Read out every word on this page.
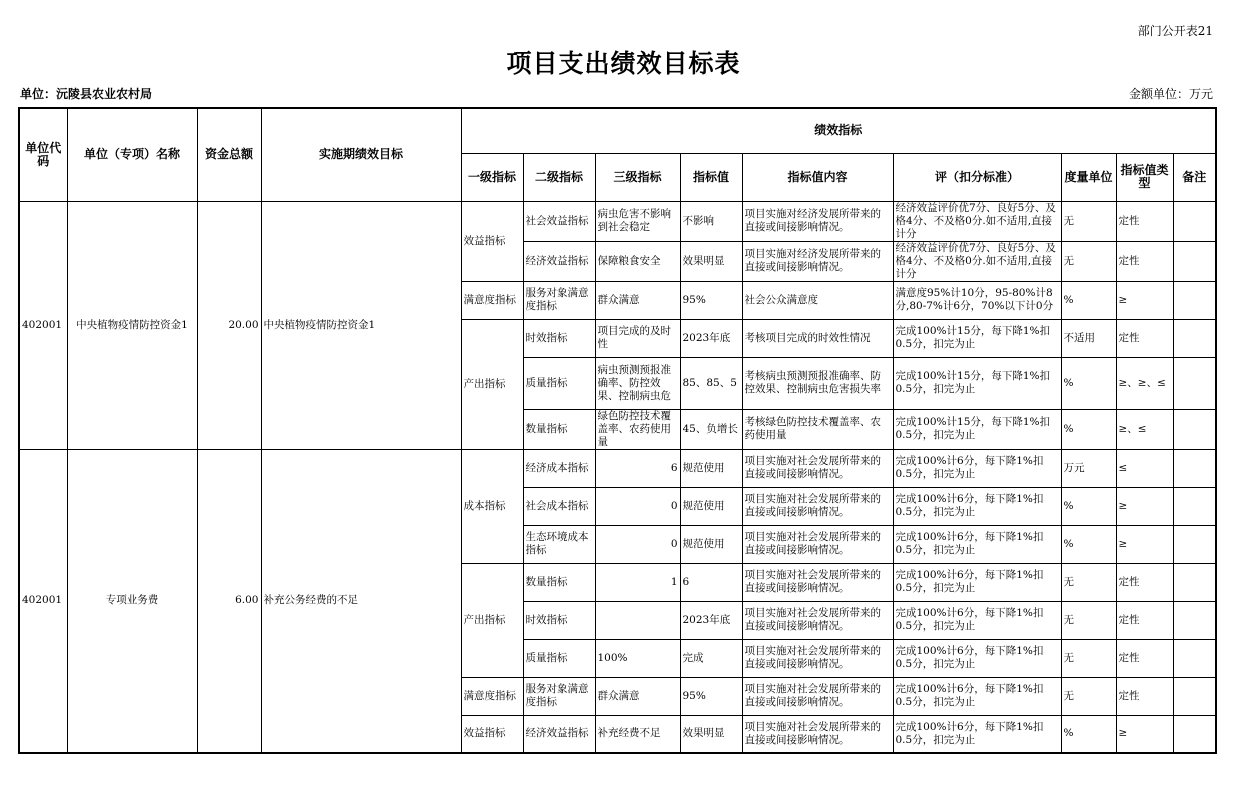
部门公开表21
项目支出绩效目标表
单位：沅陵县农业农村局	金额单位：万元
单位代码	单位（专项）名称	资金总额	实施期绩效目标	绩效指标								
				一级指标	二级指标	三级指标	指标值	指标值内容	评（扣分标准）	度量单位	指标值类型	备注

402001	中央植物疫情防控资金1	20.00	中央植物疫情防控资金1	效益指标	社会效益指标	病虫危害不影响到社会稳定	不影响	项目实施对经济发展所带来的直接或间接影响情况。	经济效益评价优7分、良好5分、及格4分、不及格0分.如不适用,直接计分	无	定性	

					经济效益指标	保障粮食安全	效果明显	项目实施对经济发展所带来的直接或间接影响情况。	经济效益评价优7分、良好5分、及格4分、不及格0分.如不适用,直接计分	无	定性	

				满意度指标	服务对象满意度指标	群众满意	95%	社会公众满意度	满意度95%计10分，95-80%计8分,80-7%计6分，70%以下计0分	%	≥	

				产出指标	时效指标	项目完成的及时性	2023年底	考核项目完成的时效性情况	完成100%计15分，每下降1%扣0.5分，扣完为止	不适用	定性	

					质量指标	病虫预测预报准确率、防控效果、控制病虫危	85、85、5	考核病虫预测预报准确率、防控效果、控制病虫危害损失率	完成100%计15分，每下降1%扣0.5分，扣完为止	%	≥、≥、≤	

					数量指标	绿色防控技术覆盖率、农药使用量	45、负增长	考核绿色防控技术覆盖率、农药使用量	完成100%计15分，每下降1%扣0.5分，扣完为止	%	≥、≤	

402001	专项业务费	6.00	补充公务经费的不足	成本指标	经济成本指标	6	规范使用	项目实施对社会发展所带来的直接或间接影响情况。	完成100%计6分，每下降1%扣0.5分，扣完为止	万元	≤	

					社会成本指标	0	规范使用	项目实施对社会发展所带来的直接或间接影响情况。	完成100%计6分，每下降1%扣0.5分，扣完为止	%	≥	

					生态环境成本指标	0	规范使用	项目实施对社会发展所带来的直接或间接影响情况。	完成100%计6分，每下降1%扣0.5分，扣完为止	%	≥	

				产出指标	数量指标	1	6	项目实施对社会发展所带来的直接或间接影响情况。	完成100%计6分，每下降1%扣0.5分，扣完为止	无	定性	

					时效指标		2023年底	项目实施对社会发展所带来的直接或间接影响情况。	完成100%计6分，每下降1%扣0.5分，扣完为止	无	定性	

					质量指标	100%	完成	项目实施对社会发展所带来的直接或间接影响情况。	完成100%计6分，每下降1%扣0.5分，扣完为止	无	定性	

				满意度指标	服务对象满意度指标	群众满意	95%	项目实施对社会发展所带来的直接或间接影响情况。	完成100%计6分，每下降1%扣0.5分，扣完为止	无	定性	

				效益指标	经济效益指标	补充经费不足	效果明显	项目实施对社会发展所带来的直接或间接影响情况。	完成100%计6分，每下降1%扣0.5分，扣完为止	%	≥	
